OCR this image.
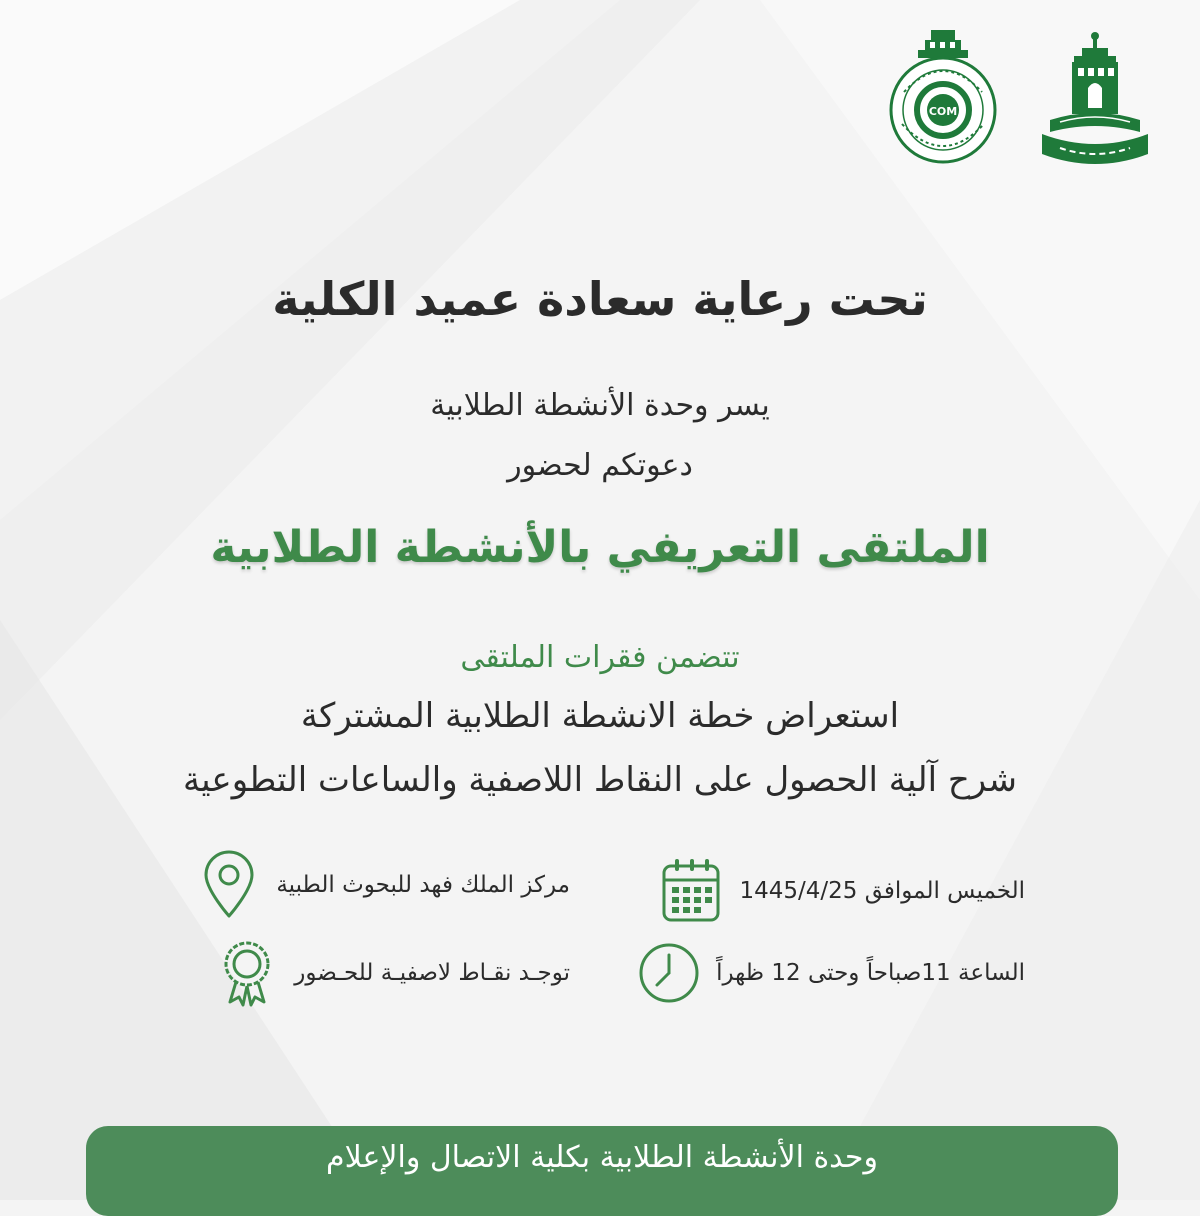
COM
تحت رعاية سعادة عميد الكلية
يسر وحدة الأنشطة الطلابية
دعوتكم لحضور
الملتقى التعريفي بالأنشطة الطلابية
تتضمن فقرات الملتقى
استعراض خطة الانشطة الطلابية المشتركة
شرح آلية الحصول على النقاط اللاصفية والساعات التطوعية
الخميس الموافق 1445/4/25
الساعة 11صباحاً وحتى 12 ظهراً
مركز الملك فهد للبحوث الطبية
توجـد نقـاط لاصفيـة للحـضور
وحدة الأنشطة الطلابية بكلية الاتصال والإعلام
